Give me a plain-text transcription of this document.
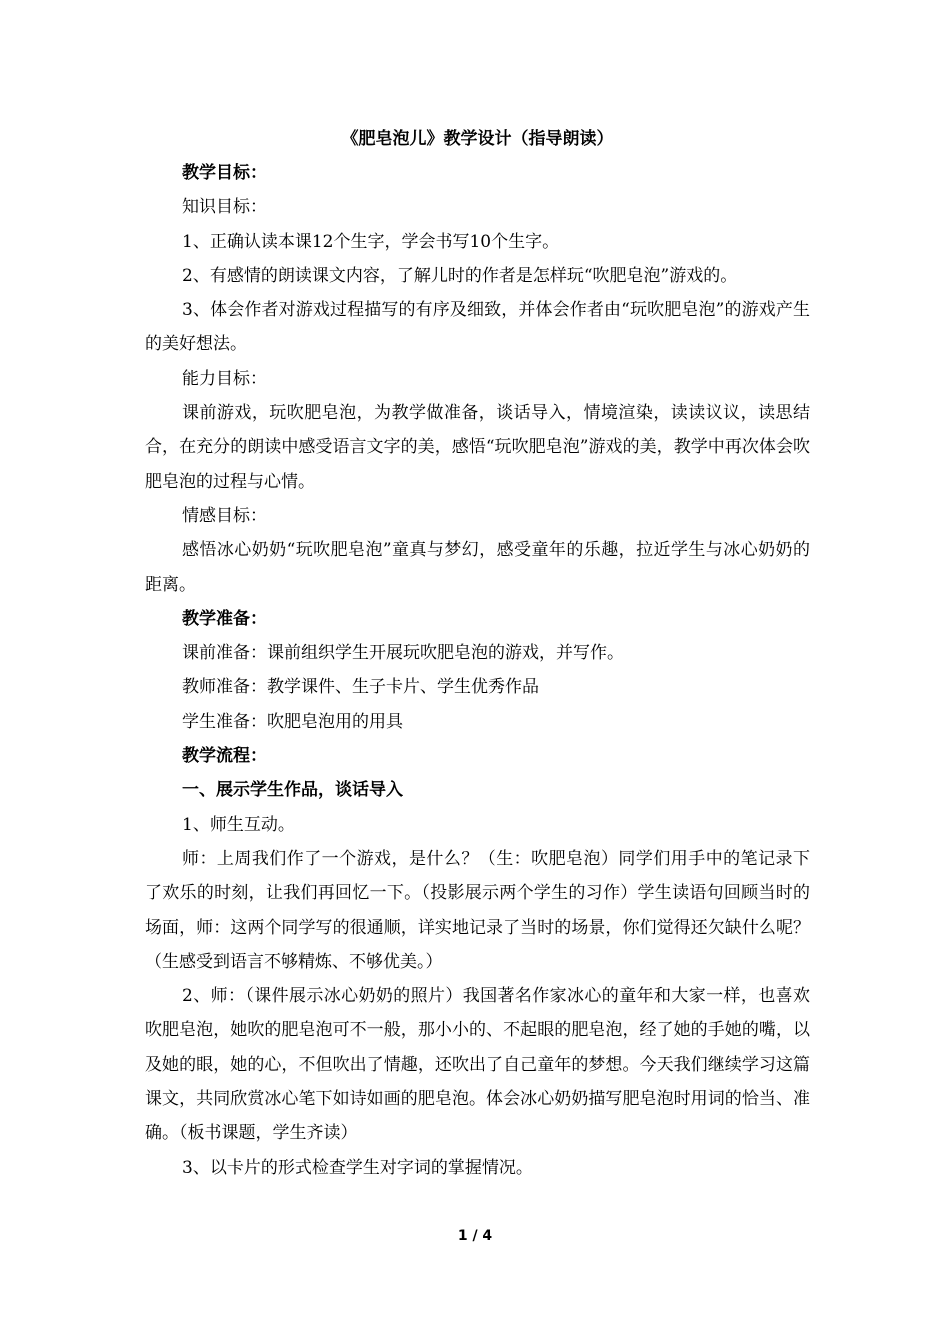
《肥皂泡儿》教学设计（指导朗读）
教学目标：
知识目标：
1、正确认读本课12个生字，学会书写10个生字。
2、有感情的朗读课文内容，了解儿时的作者是怎样玩“吹肥皂泡”游戏的。
3、体会作者对游戏过程描写的有序及细致，并体会作者由“玩吹肥皂泡”的游戏产生的美好想法。
能力目标：
课前游戏，玩吹肥皂泡，为教学做准备，谈话导入，情境渲染，读读议议，读思结合，在充分的朗读中感受语言文字的美，感悟“玩吹肥皂泡”游戏的美，教学中再次体会吹肥皂泡的过程与心情。
情感目标：
感悟冰心奶奶“玩吹肥皂泡”童真与梦幻，感受童年的乐趣，拉近学生与冰心奶奶的距离。
教学准备：
课前准备：课前组织学生开展玩吹肥皂泡的游戏，并写作。
教师准备：教学课件、生子卡片、学生优秀作品
学生准备：吹肥皂泡用的用具
教学流程：
一、展示学生作品，谈话导入
1、师生互动。
师：上周我们作了一个游戏，是什么？（生：吹肥皂泡）同学们用手中的笔记录下了欢乐的时刻，让我们再回忆一下。（投影展示两个学生的习作）学生读语句回顾当时的场面，师：这两个同学写的很通顺，详实地记录了当时的场景，你们觉得还欠缺什么呢？（生感受到语言不够精炼、不够优美。）
2、师：（课件展示冰心奶奶的照片）我国著名作家冰心的童年和大家一样，也喜欢吹肥皂泡，她吹的肥皂泡可不一般，那小小的、不起眼的肥皂泡，经了她的手她的嘴，以及她的眼，她的心，不但吹出了情趣，还吹出了自己童年的梦想。今天我们继续学习这篇课文，共同欣赏冰心笔下如诗如画的肥皂泡。体会冰心奶奶描写肥皂泡时用词的恰当、准确。（板书课题，学生齐读）
3、以卡片的形式检查学生对字词的掌握情况。
1 / 4
